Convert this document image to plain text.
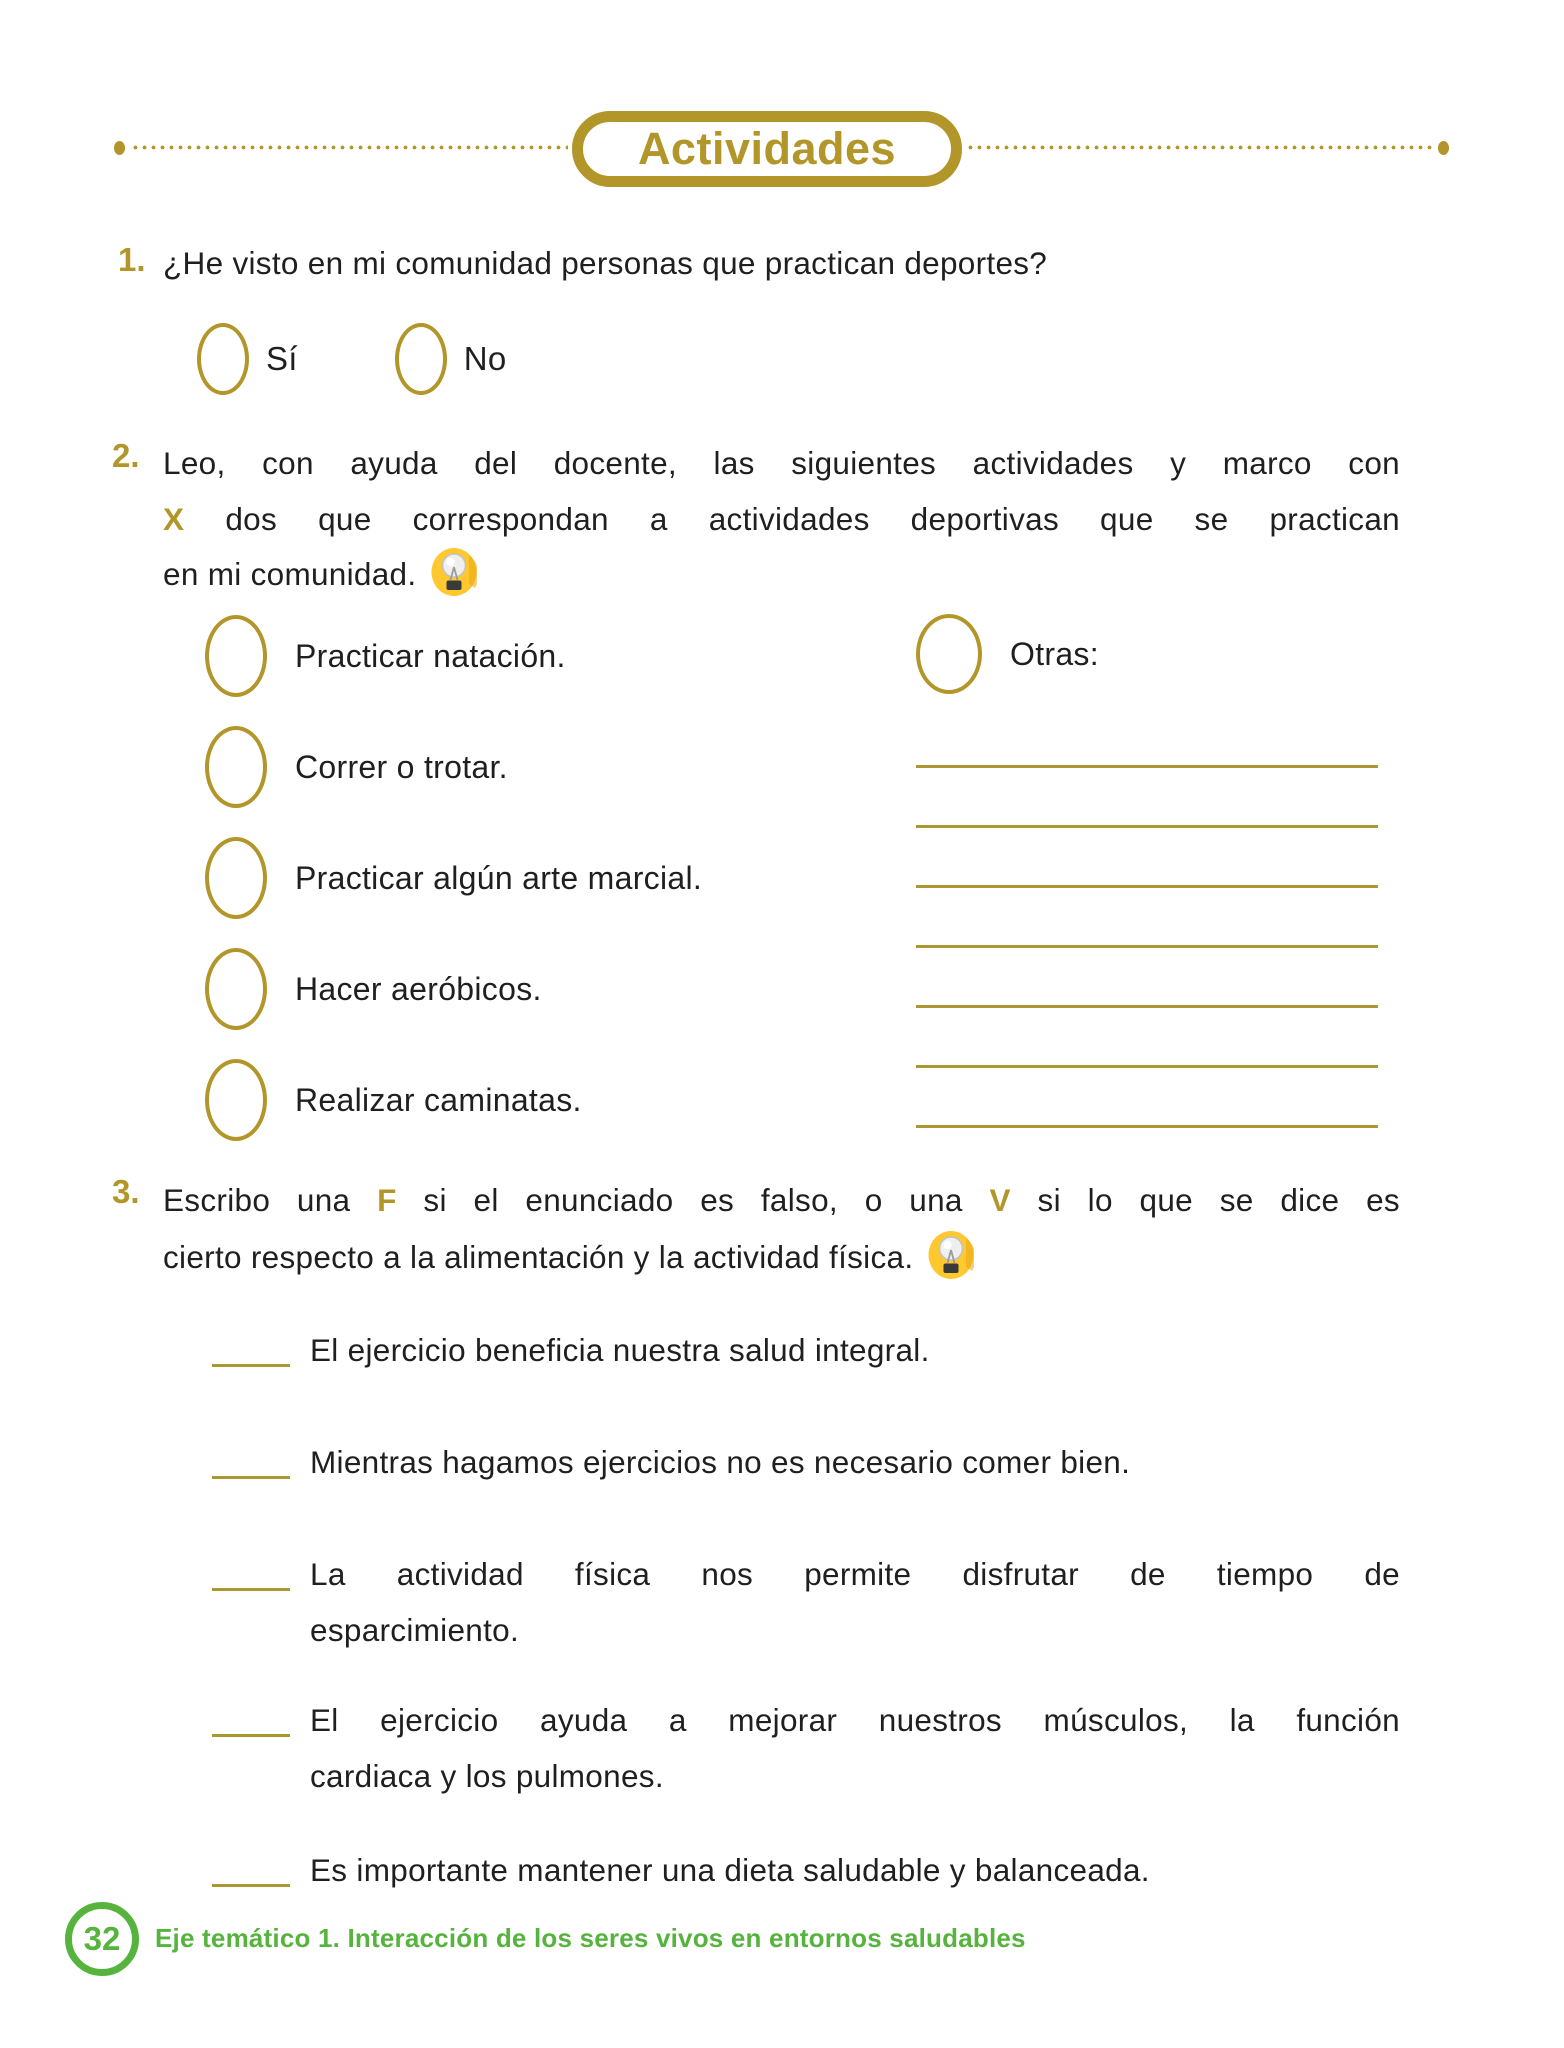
Actividades
1. ¿He visto en mi comunidad personas que practican deportes?
Sí	No
2. Leo, con ayuda del docente, las siguientes actividades y marco con
X dos que correspondan a actividades deportivas que se practican
en mi comunidad.
Practicar natación.
Correr o trotar.
Practicar algún arte marcial.
Hacer aeróbicos.
Realizar caminatas.
Otras:
3. Escribo una F si el enunciado es falso, o una V si lo que se dice es
cierto respecto a la alimentación y la actividad física.
El ejercicio beneficia nuestra salud integral.
Mientras hagamos ejercicios no es necesario comer bien.
La actividad física nos permite disfrutar de tiempo de
esparcimiento.
El ejercicio ayuda a mejorar nuestros músculos, la función
cardiaca y los pulmones.
Es importante mantener una dieta saludable y balanceada.
32 Eje temático 1. Interacción de los seres vivos en entornos saludables
